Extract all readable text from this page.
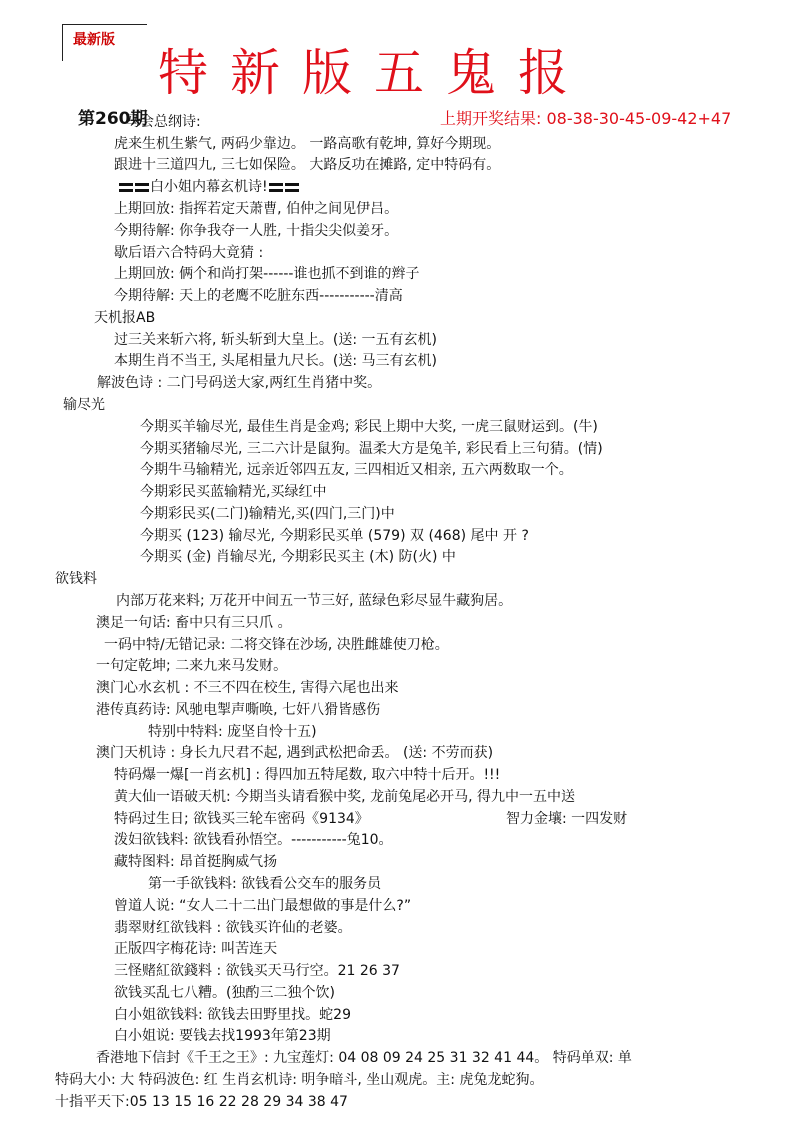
最新版
特新版五鬼报
第260期	上期开奖结果: 08-38-30-45-09-42+47
马会总纲诗:
虎来生机生紫气, 两码少靠边。 一路高歌有乾坤, 算好今期现。
跟进十三道四九, 三七如保险。 大路反功在摊路, 定中特码有。
白小姐内幕玄机诗!
上期回放: 指挥若定天萧曹, 伯仲之间见伊吕。
今期待解: 你争我夺一人胜, 十指尖尖似姜牙。
歇后语六合特码大竟猜 :
上期回放: 俩个和尚打架------谁也抓不到谁的辫子
今期待解: 天上的老鹰不吃脏东西-----------清高
天机报AB
过三关来斩六将, 斩头斩到大皇上。(送: 一五有玄机)
本期生肖不当王, 头尾相量九尺长。(送: 马三有玄机)
解波色诗 : 二门号码送大家,两红生肖猪中奖。
输尽光
今期买羊输尽光, 最佳生肖是金鸡; 彩民上期中大奖, 一虎三鼠财运到。(牛)
今期买猪输尽光, 三二六计是鼠狗。温柔大方是兔羊, 彩民看上三句猜。(情)
今期牛马输精光, 远亲近邻四五友, 三四相近又相亲, 五六两数取一个。
今期彩民买蓝输精光,买绿红中
今期彩民买(二门)输精光,买(四门,三门)中
今期买 (123) 输尽光, 今期彩民买单 (579) 双 (468) 尾中 开 ?
今期买 (金) 肖输尽光, 今期彩民买主 (木) 防(火) 中
欲钱料
内部万花来料; 万花开中间五一节三好, 蓝绿色彩尽显牛藏狗居。
澳足一句话: 畜中只有三只爪 。
一码中特/无错记录: 二将交锋在沙场, 决胜雌雄使刀枪。
一句定乾坤; 二来九来马发财。
澳门心水玄机 : 不三不四在校生, 害得六尾也出来
港传真药诗: 风驰电掣声嘶唤, 七奸八猾皆感伤
特别中特料: 庞坚自怜十五)
澳门天机诗 : 身长九尺君不起, 遇到武松把命丢。 (送: 不劳而获)
特码爆一爆[一肖玄机] : 得四加五特尾数, 取六中特十后开。!!!
黄大仙一语破天机: 今期当头请看猴中奖, 龙前兔尾必开马, 得九中一五中送
特码过生日; 欲钱买三轮车密码《9134》	智力金壤: 一四发财
泼妇欲钱料: 欲钱看孙悟空。-----------兔10。
藏特图料: 昂首挺胸威气扬
第一手欲钱料: 欲钱看公交车的服务员
曾道人说: “女人二十二出门最想做的事是什么?”
翡翠财红欲钱料 : 欲钱买许仙的老婆。
正版四字梅花诗: 叫苦连天
三怪赌紅欲錢料 : 欲钱买天马行空。21 26 37
欲钱买乱七八糟。(独酌三二独个饮)
白小姐欲钱料: 欲钱去田野里找。蛇29
白小姐说: 要钱去找1993年第23期
香港地下信封《千王之王》: 九宝莲灯: 04 08 09 24 25 31 32 41 44。 特码单双: 单
特码大小: 大 特码波色: 红 生肖玄机诗: 明争暗斗, 坐山观虎。主: 虎兔龙蛇狗。
十指平天下:05 13 15 16 22 28 29 34 38 47
